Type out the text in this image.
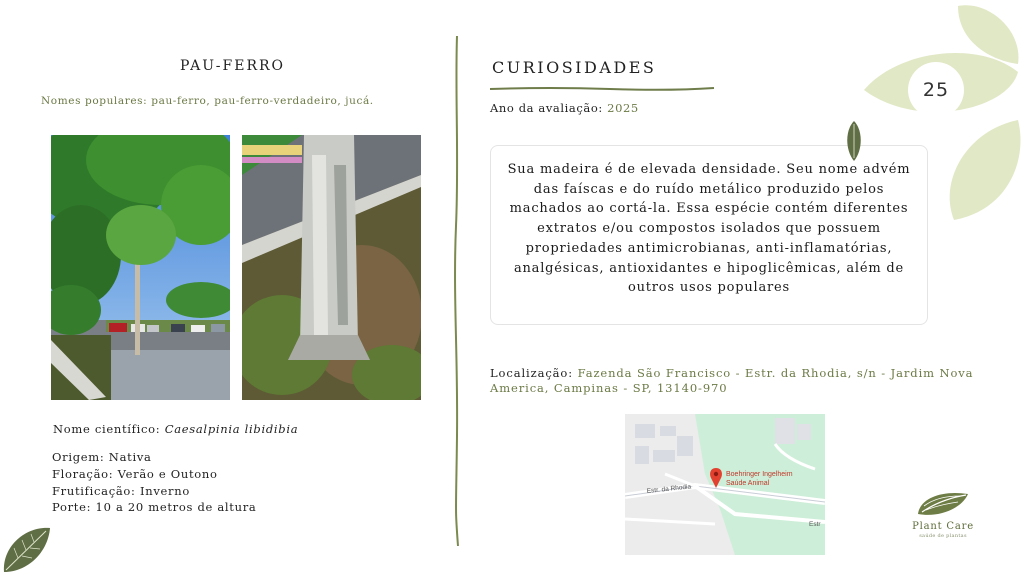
PAU-FERRO
Nomes populares: pau-ferro, pau-ferro-verdadeiro, jucá.
Nome científico: Caesalpinia libidibia
Origem: Nativa
Floração: Verão e Outono
Frutificação: Inverno
Porte: 10 a 20 metros de altura
CURIOSIDADES
Ano da avaliação: 2025
Sua madeira é de elevada densidade. Seu nome advém das faíscas e do ruído metálico produzido pelos machados ao cortá-la. Essa espécie contém diferentes extratos e/ou compostos isolados que possuem propriedades antimicrobianas, anti-inflamatórias, analgésicas, antioxidantes e hipoglicêmicas, além de outros usos populares
Localização: Fazenda São Francisco - Estr. da Rhodia, s/n - Jardim Nova America, Campinas - SP, 13140-970
Boehringer Ingelheim
Saúde Animal
Estr. da Rhodia
Estr
25
Plant Care
saúde de plantas
